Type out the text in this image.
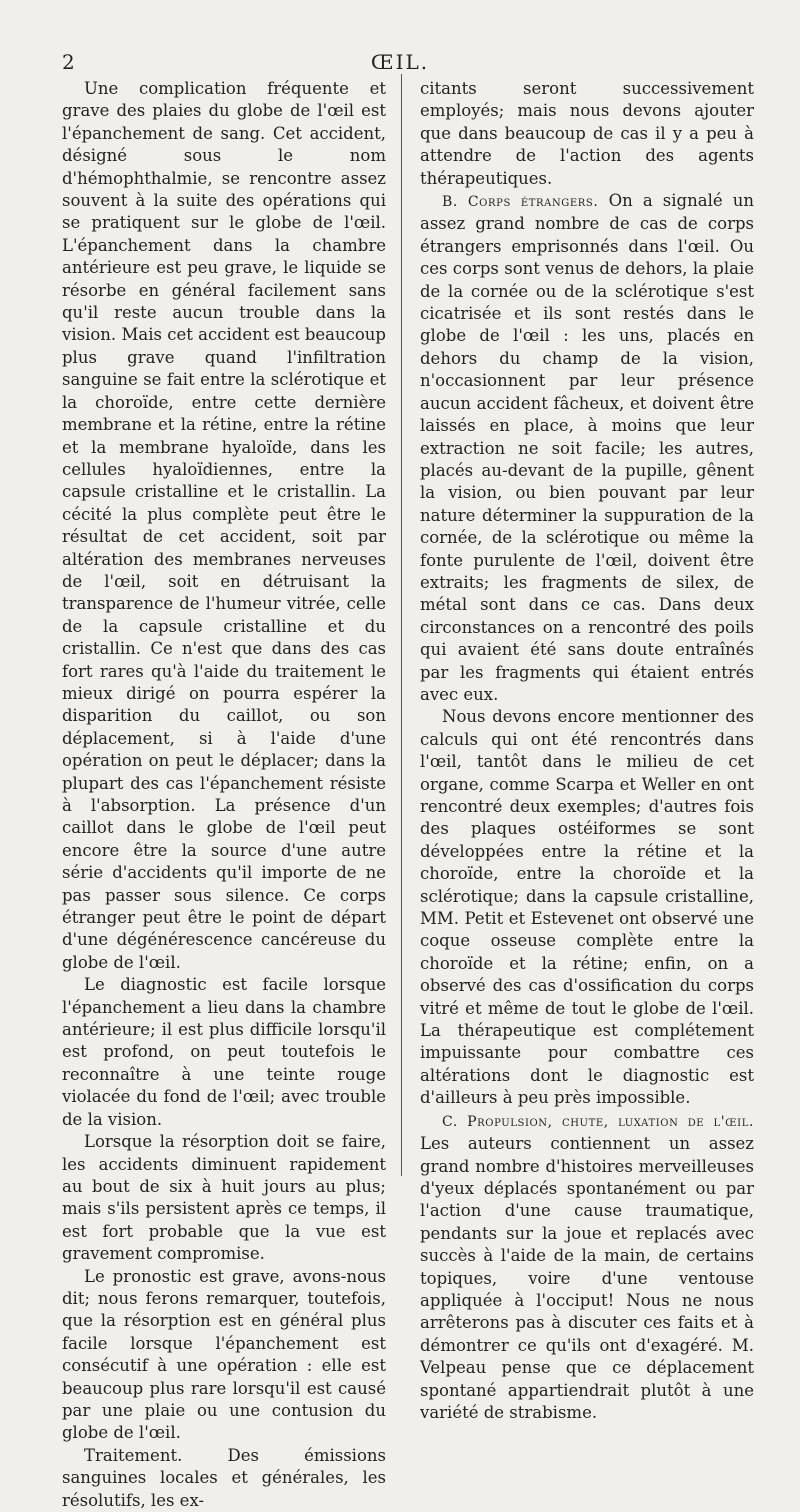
2	ŒIL.

Une complication fréquente et grave des plaies du globe de l'œil est l'épanchement de sang. Cet accident, désigné sous le nom d'hémophthalmie, se rencontre assez souvent à la suite des opérations qui se pratiquent sur le globe de l'œil. L'épanchement dans la chambre antérieure est peu grave, le liquide se résorbe en général facilement sans qu'il reste aucun trouble dans la vision. Mais cet accident est beaucoup plus grave quand l'infiltration sanguine se fait entre la sclérotique et la choroïde, entre cette dernière membrane et la rétine, entre la rétine et la membrane hyaloïde, dans les cellules hyaloïdiennes, entre la capsule cristalline et le cristallin. La cécité la plus complète peut être le résultat de cet accident, soit par altération des membranes nerveuses de l'œil, soit en détruisant la transparence de l'humeur vitrée, celle de la capsule cristalline et du cristallin. Ce n'est que dans des cas fort rares qu'à l'aide du traitement le mieux dirigé on pourra espérer la disparition du caillot, ou son déplacement, si à l'aide d'une opération on peut le déplacer; dans la plupart des cas l'épanchement résiste à l'absorption. La présence d'un caillot dans le globe de l'œil peut encore être la source d'une autre série d'accidents qu'il importe de ne pas passer sous silence. Ce corps étranger peut être le point de départ d'une dégénérescence cancéreuse du globe de l'œil.

Le diagnostic est facile lorsque l'épanchement a lieu dans la chambre antérieure; il est plus difficile lorsqu'il est profond, on peut toutefois le reconnaître à une teinte rouge violacée du fond de l'œil; avec trouble de la vision.

Lorsque la résorption doit se faire, les accidents diminuent rapidement au bout de six à huit jours au plus; mais s'ils persistent après ce temps, il est fort probable que la vue est gravement compromise.

Le pronostic est grave, avons-nous dit; nous ferons remarquer, toutefois, que la résorption est en général plus facile lorsque l'épanchement est consécutif à une opération : elle est beaucoup plus rare lorsqu'il est causé par une plaie ou une contusion du globe de l'œil.

Traitement. Des émissions sanguines locales et générales, les résolutifs, les ex-

citants seront successivement employés; mais nous devons ajouter que dans beaucoup de cas il y a peu à attendre de l'action des agents thérapeutiques.

B. Corps étrangers. On a signalé un assez grand nombre de cas de corps étrangers emprisonnés dans l'œil. Ou ces corps sont venus de dehors, la plaie de la cornée ou de la sclérotique s'est cicatrisée et ils sont restés dans le globe de l'œil : les uns, placés en dehors du champ de la vision, n'occasionnent par leur présence aucun accident fâcheux, et doivent être laissés en place, à moins que leur extraction ne soit facile; les autres, placés au-devant de la pupille, gênent la vision, ou bien pouvant par leur nature déterminer la suppuration de la cornée, de la sclérotique ou même la fonte purulente de l'œil, doivent être extraits; les fragments de silex, de métal sont dans ce cas. Dans deux circonstances on a rencontré des poils qui avaient été sans doute entraînés par les fragments qui étaient entrés avec eux.

Nous devons encore mentionner des calculs qui ont été rencontrés dans l'œil, tantôt dans le milieu de cet organe, comme Scarpa et Weller en ont rencontré deux exemples; d'autres fois des plaques ostéiformes se sont développées entre la rétine et la choroïde, entre la choroïde et la sclérotique; dans la capsule cristalline, MM. Petit et Estevenet ont observé une coque osseuse complète entre la choroïde et la rétine; enfin, on a observé des cas d'ossification du corps vitré et même de tout le globe de l'œil. La thérapeutique est complétement impuissante pour combattre ces altérations dont le diagnostic est d'ailleurs à peu près impossible.

C. Propulsion, chute, luxation de l'œil. Les auteurs contiennent un assez grand nombre d'histoires merveilleuses d'yeux déplacés spontanément ou par l'action d'une cause traumatique, pendants sur la joue et replacés avec succès à l'aide de la main, de certains topiques, voire d'une ventouse appliquée à l'occiput! Nous ne nous arrêterons pas à discuter ces faits et à démontrer ce qu'ils ont d'exagéré. M. Velpeau pense que ce déplacement spontané appartiendrait plutôt à une variété de strabisme.
